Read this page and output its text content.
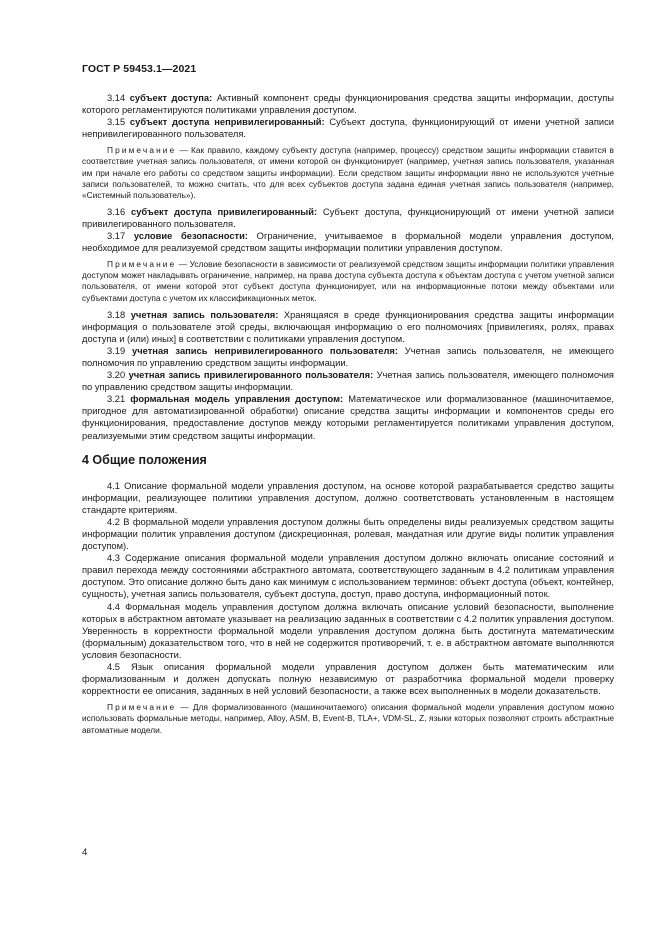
ГОСТ Р 59453.1—2021

3.14 субъект доступа: Активный компонент среды функционирования средства защиты информации, доступы которого регламентируются политиками управления доступом.

3.15 субъект доступа непривилегированный: Субъект доступа, функционирующий от имени учетной записи непривилегированного пользователя.

Примечание — Как правило, каждому субъекту доступа (например, процессу) средством защиты информации ставится в соответствие учетная запись пользователя, от имени которой он функционирует (например, учетная запись пользователя, указанная им при начале его работы со средством защиты информации). Если средством защиты информации явно не используются учетные записи пользователей, то можно считать, что для всех субъектов доступа задана единая учетная запись пользователя (например, «Системный пользователь»).

3.16 субъект доступа привилегированный: Субъект доступа, функционирующий от имени учетной записи привилегированного пользователя.

3.17 условие безопасности: Ограничение, учитываемое в формальной модели управления доступом, необходимое для реализуемой средством защиты информации политики управления доступом.

Примечание — Условие безопасности в зависимости от реализуемой средством защиты информации политики управления доступом может накладывать ограничение, например, на права доступа субъекта доступа к объектам доступа с учетом учетной записи пользователя, от имени которой этот субъект доступа функционирует, или на информационные потоки между объектами или субъектами доступа с учетом их классификационных меток.

3.18 учетная запись пользователя: Хранящаяся в среде функционирования средства защиты информации информация о пользователе этой среды, включающая информацию о его полномочиях [привилегиях, ролях, правах доступа и (или) иных] в соответствии с политиками управления доступом.

3.19 учетная запись непривилегированного пользователя: Учетная запись пользователя, не имеющего полномочия по управлению средством защиты информации.

3.20 учетная запись привилегированного пользователя: Учетная запись пользователя, имеющего полномочия по управлению средством защиты информации.

3.21 формальная модель управления доступом: Математическое или формализованное (машиночитаемое, пригодное для автоматизированной обработки) описание средства защиты информации и компонентов среды его функционирования, предоставление доступов между которыми регламентируется политиками управления доступом, реализуемыми этим средством защиты информации.

4 Общие положения

4.1 Описание формальной модели управления доступом, на основе которой разрабатывается средство защиты информации, реализующее политики управления доступом, должно соответствовать установленным в настоящем стандарте критериям.

4.2 В формальной модели управления доступом должны быть определены виды реализуемых средством защиты информации политик управления доступом (дискреционная, ролевая, мандатная или другие виды политик управления доступом).

4.3 Содержание описания формальной модели управления доступом должно включать описание состояний и правил перехода между состояниями абстрактного автомата, соответствующего заданным в 4.2 политикам управления доступом. Это описание должно быть дано как минимум с использованием терминов: объект доступа (объект, контейнер, сущность), учетная запись пользователя, субъект доступа, доступ, право доступа, информационный поток.

4.4 Формальная модель управления доступом должна включать описание условий безопасности, выполнение которых в абстрактном автомате указывает на реализацию заданных в соответствии с 4.2 политик управления доступом. Уверенность в корректности формальной модели управления доступом должна быть достигнута математическим (формальным) доказательством того, что в ней не содержится противоречий, т. е. в абстрактном автомате выполняются условия безопасности.

4.5 Язык описания формальной модели управления доступом должен быть математическим или формализованным и должен допускать полную независимую от разработчика формальной модели проверку корректности ее описания, заданных в ней условий безопасности, а также всех выполненных в модели доказательств.

Примечание — Для формализованного (машиночитаемого) описания формальной модели управления доступом можно использовать формальные методы, например, Alloy, ASM, B, Event-B, TLA+, VDM-SL, Z, языки которых позволяют строить абстрактные автоматные модели.

4
